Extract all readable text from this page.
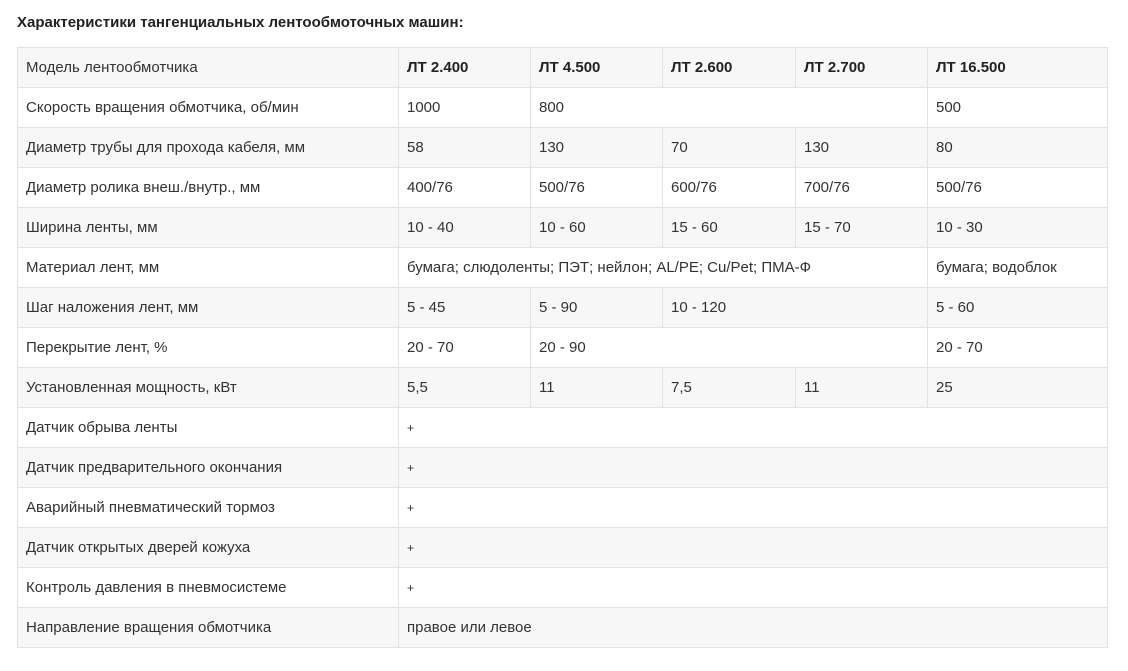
Характеристики тангенциальных лентообмоточных машин:
Модель лентообмотчика	ЛТ 2.400	ЛТ 4.500	ЛТ 2.600	ЛТ 2.700	ЛТ 16.500
Скорость вращения обмотчика, об/мин	1000	800			500
Диаметр трубы для прохода кабеля, мм	58	130	70	130	80
Диаметр ролика внеш./внутр., мм	400/76	500/76	600/76	700/76	500/76
Ширина ленты, мм	10 - 40	10 - 60	15 - 60	15 - 70	10 - 30
Материал лент, мм	бумага; слюдоленты; ПЭТ; нейлон; AL/PE; Cu/Pet; ПМА-Ф				бумага; водоблок
Шаг наложения лент, мм	5 - 45	5 - 90	10 - 120		5 - 60
Перекрытие лент, %	20 - 70	20 - 90			20 - 70
Установленная мощность, кВт	5,5	11	7,5	11	25
Датчик обрыва ленты	+				
Датчик предварительного окончания	+				
Аварийный пневматический тормоз	+				
Датчик открытых дверей кожуха	+				
Контроль давления в пневмосистеме	+				
Направление вращения обмотчика	правое или левое				
